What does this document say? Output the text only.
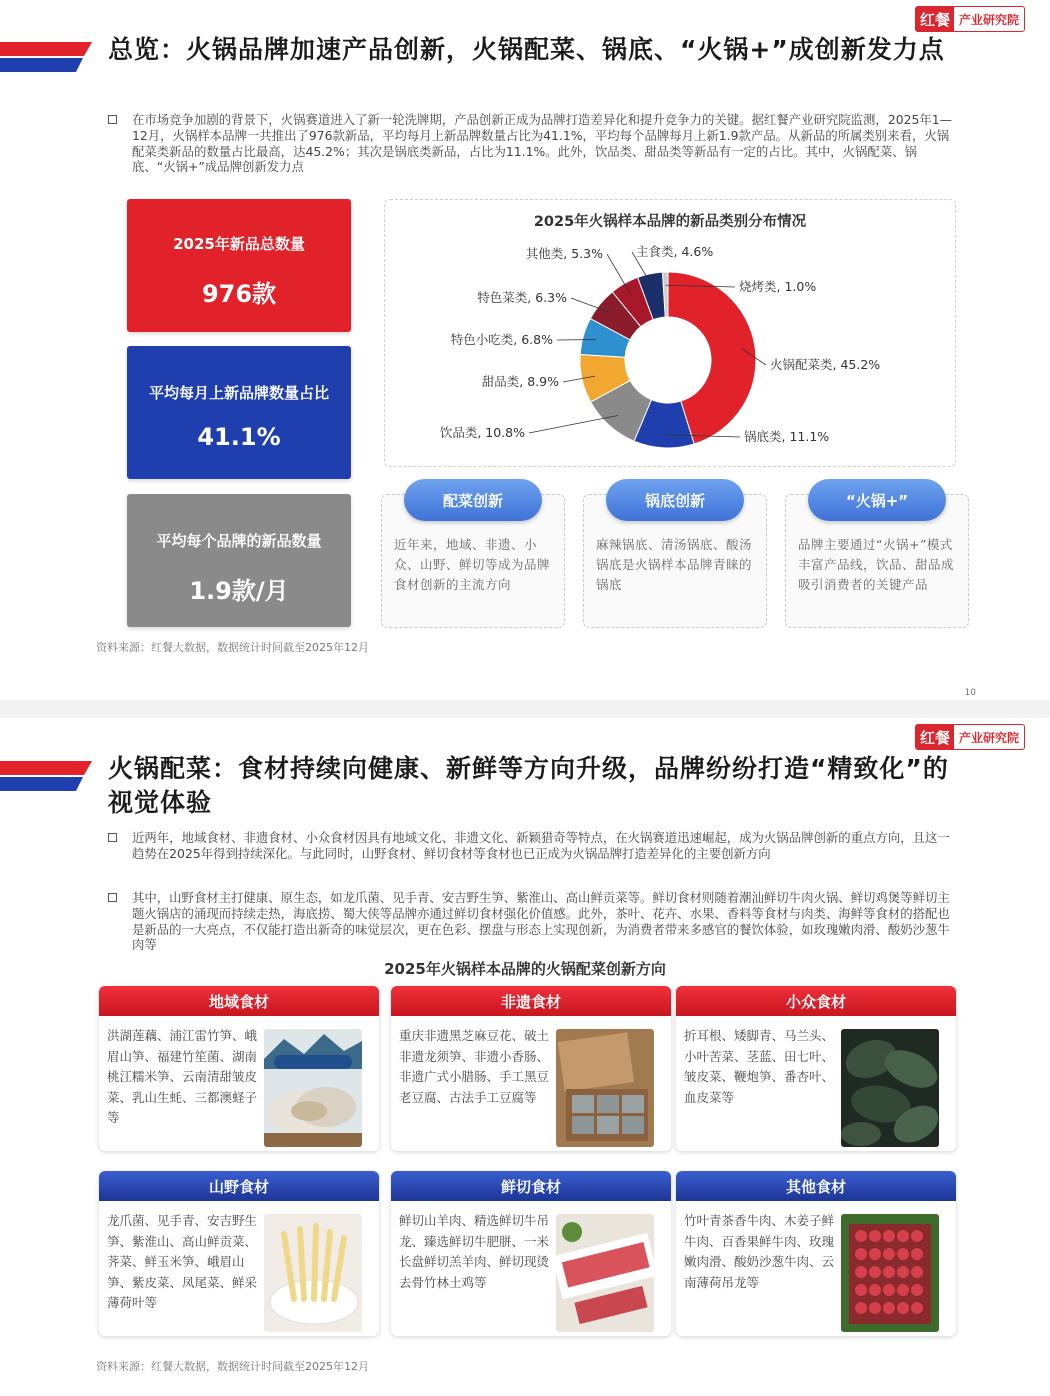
红餐 产业研究院
总览：火锅品牌加速产品创新，火锅配菜、锅底、“火锅+”成创新发力点
在市场竞争加剧的背景下，火锅赛道进入了新一轮洗牌期，产品创新正成为品牌打造差异化和提升竞争力的关键。据红餐产业研究院监测，2025年1—12月，火锅样本品牌一共推出了976款新品，平均每月上新品牌数量占比为41.1%，平均每个品牌每月上新1.9款产品。从新品的所属类别来看，火锅配菜类新品的数量占比最高，达45.2%；其次是锅底类新品，占比为11.1%。此外，饮品类、甜品类等新品有一定的占比。其中，火锅配菜、锅底、“火锅+”成品牌创新发力点
2025年新品总数量
976款
平均每月上新品牌数量占比
41.1%
平均每个品牌的新品数量
1.9款/月
2025年火锅样本品牌的新品类别分布情况
火锅配菜类, 45.2%
锅底类, 11.1%
饮品类, 10.8%
甜品类, 8.9%
特色小吃类, 6.8%
特色菜类, 6.3%
其他类, 5.3%	主食类, 4.6%
烧烤类, 1.0%
配菜创新
近年来，地域、非遗、小众、山野、鲜切等成为品牌食材创新的主流方向
锅底创新
麻辣锅底、清汤锅底、酸汤锅底是火锅样本品牌青睐的锅底
“火锅+”
品牌主要通过“火锅+”模式丰富产品线，饮品、甜品成吸引消费者的关键产品
资料来源：红餐大数据，数据统计时间截至2025年12月
10
红餐 产业研究院
火锅配菜：食材持续向健康、新鲜等方向升级，品牌纷纷打造“精致化”的视觉体验
近两年，地域食材、非遗食材、小众食材因具有地域文化、非遗文化、新颖猎奇等特点，在火锅赛道迅速崛起，成为火锅品牌创新的重点方向，且这一趋势在2025年得到持续深化。与此同时，山野食材、鲜切食材等食材也已正成为火锅品牌打造差异化的主要创新方向
其中，山野食材主打健康、原生态，如龙爪菌、见手青、安吉野生笋、紫淮山、高山鲜贡菜等。鲜切食材则随着潮汕鲜切牛肉火锅、鲜切鸡煲等鲜切主题火锅店的涌现而持续走热，海底捞、蜀大侠等品牌亦通过鲜切食材强化价值感。此外，茶叶、花卉、水果、香料等食材与肉类、海鲜等食材的搭配也是新品的一大亮点，不仅能打造出新奇的味觉层次，更在色彩、摆盘与形态上实现创新，为消费者带来多感官的餐饮体验，如玫瑰嫩肉滑、酸奶沙葱牛肉等
2025年火锅样本品牌的火锅配菜创新方向
地域食材
洪湖莲藕、浦江雷竹笋、峨眉山笋、福建竹笙菌、湖南桃江糯米笋、云南清甜皱皮菜、乳山生蚝、三都澳蛏子等
非遗食材
重庆非遗黑芝麻豆花、破土非遗龙须笋、非遗小香肠、非遗广式小腊肠、手工黑豆老豆腐、古法手工豆腐等
小众食材
折耳根、矮脚青、马兰头、小叶苦菜、茎蓝、田七叶、皱皮菜、鞭炮笋、番杏叶、血皮菜等
山野食材
龙爪菌、见手青、安吉野生笋、紫淮山、高山鲜贡菜、荠菜、鲜玉米笋、峨眉山笋、紫皮菜、凤尾菜、鲜采薄荷叶等
鲜切食材
鲜切山羊肉、精选鲜切牛吊龙、臻选鲜切牛肥胼、一米长盘鲜切羔羊肉、鲜切现烫去骨竹林土鸡等
其他食材
竹叶青茶香牛肉、木姜子鲜牛肉、百香果鲜牛肉、玫瑰嫩肉滑、酸奶沙葱牛肉、云南薄荷吊龙等
资料来源：红餐大数据，数据统计时间截至2025年12月
